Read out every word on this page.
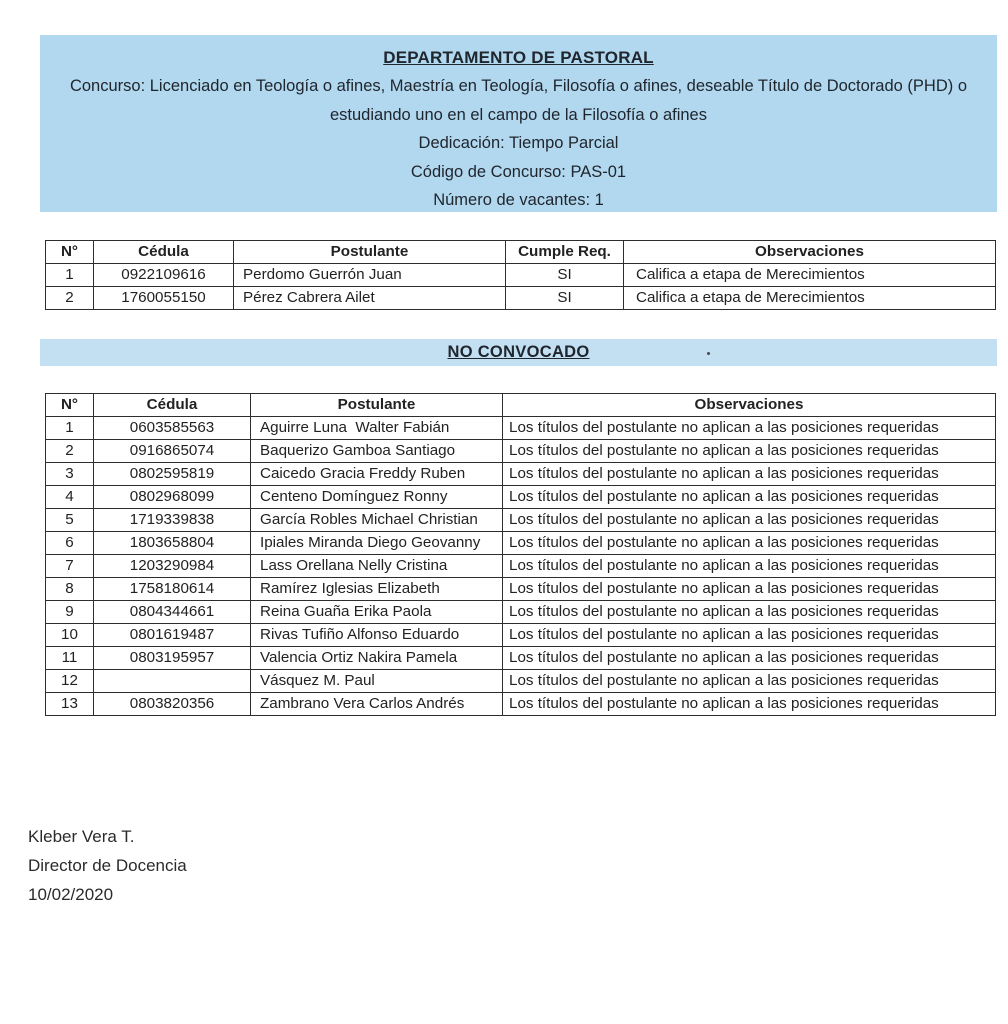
DEPARTAMENTO DE PASTORAL
Concurso: Licenciado en Teología o afines, Maestría en Teología, Filosofía o afines, deseable Título de Doctorado (PHD) o estudiando uno en el campo de la Filosofía o afines
Dedicación: Tiempo Parcial
Código de Concurso: PAS-01
Número de vacantes: 1
N°	Cédula	Postulante	Cumple Req.	Observaciones
1	0922109616	Perdomo Guerrón Juan	SI	Califica a etapa de Merecimientos
2	1760055150	Pérez Cabrera Ailet	SI	Califica a etapa de Merecimientos
NO CONVOCADO
N°	Cédula	Postulante	Observaciones
1	0603585563	Aguirre Luna  Walter Fabián	Los títulos del postulante no aplican a las posiciones requeridas
2	0916865074	Baquerizo Gamboa Santiago	Los títulos del postulante no aplican a las posiciones requeridas
3	0802595819	Caicedo Gracia Freddy Ruben	Los títulos del postulante no aplican a las posiciones requeridas
4	0802968099	Centeno Domínguez Ronny	Los títulos del postulante no aplican a las posiciones requeridas
5	1719339838	García Robles Michael Christian	Los títulos del postulante no aplican a las posiciones requeridas
6	1803658804	Ipiales Miranda Diego Geovanny	Los títulos del postulante no aplican a las posiciones requeridas
7	1203290984	Lass Orellana Nelly Cristina	Los títulos del postulante no aplican a las posiciones requeridas
8	1758180614	Ramírez Iglesias Elizabeth	Los títulos del postulante no aplican a las posiciones requeridas
9	0804344661	Reina Guaña Erika Paola	Los títulos del postulante no aplican a las posiciones requeridas
10	0801619487	Rivas Tufiño Alfonso Eduardo	Los títulos del postulante no aplican a las posiciones requeridas
11	0803195957	Valencia Ortiz Nakira Pamela	Los títulos del postulante no aplican a las posiciones requeridas
12		Vásquez M. Paul	Los títulos del postulante no aplican a las posiciones requeridas
13	0803820356	Zambrano Vera Carlos Andrés	Los títulos del postulante no aplican a las posiciones requeridas
Kleber Vera T.
Director de Docencia
10/02/2020
